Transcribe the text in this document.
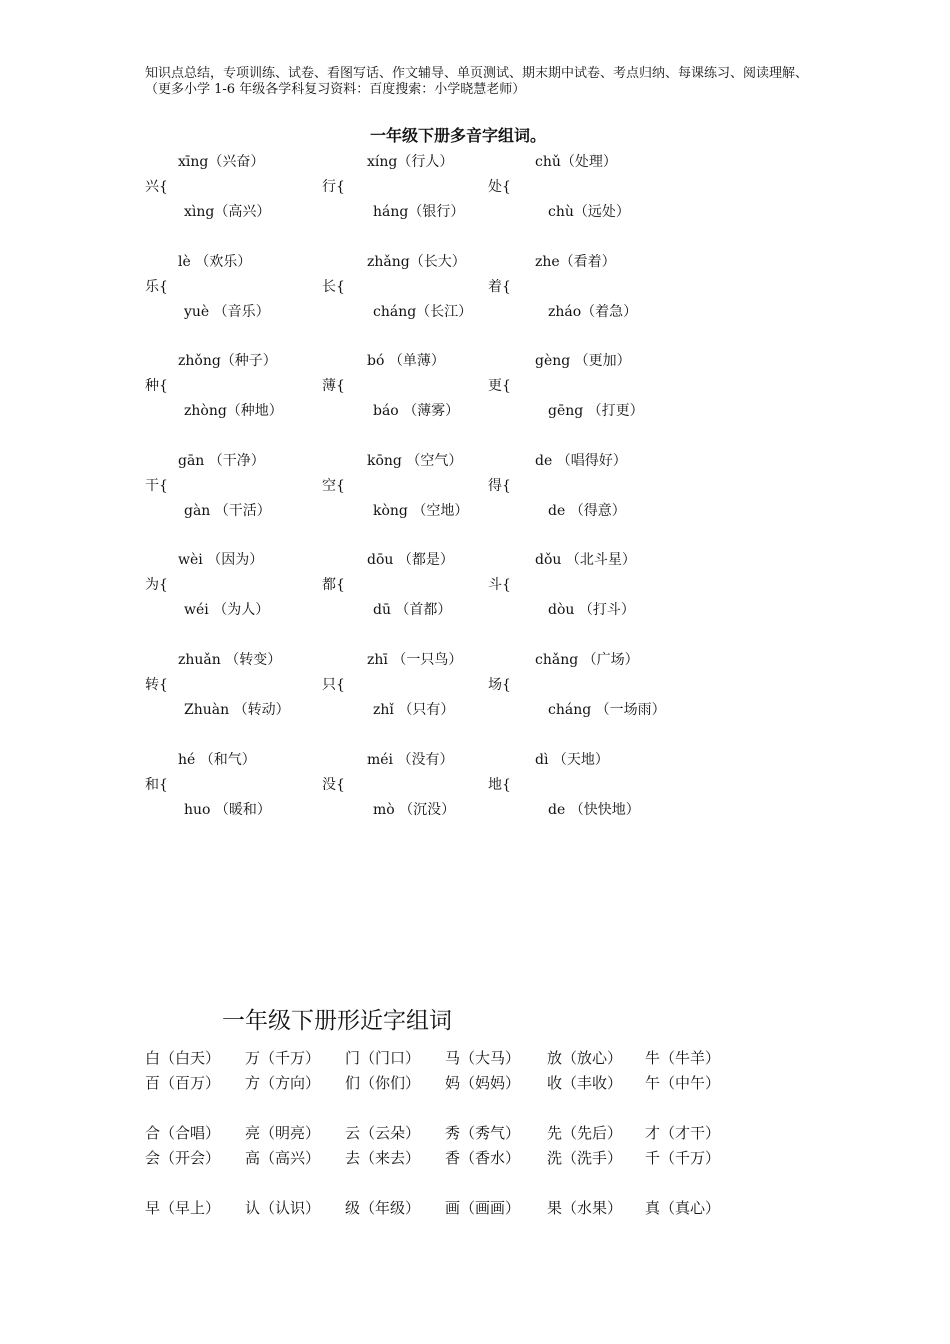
知识点总结，专项训练、试卷、看图写话、作文辅导、单页测试、期末期中试卷、考点归纳、每课练习、阅读理解、（更多小学 1-6 年级各学科复习资料：百度搜索：小学晓慧老师）
一年级下册多音字组词。
xīng（兴奋）
兴{
xìng（高兴）
xíng（行人）
行{
háng（银行）
chǔ（处理）
处{
chù（远处）
lè （欢乐）
乐{
yuè （音乐）
zhǎng（长大）
长{
cháng（长江）
zhe（看着）
着{
zháo（着急）
zhǒng（种子）
种{
zhòng（种地）
bó （单薄）
薄{
báo （薄雾）
gèng （更加）
更{
gēng （打更）
gān （干净）
干{
gàn （干活）
kōng （空气）
空{
kòng （空地）
de （唱得好）
得{
de （得意）
wèi （因为）
为{
wéi （为人）
dōu （都是）
都{
dū （首都）
dǒu （北斗星）
斗{
dòu （打斗）
zhuǎn （转变）
转{
Zhuàn （转动）
zhī （一只鸟）
只{
zhǐ （只有）
chǎng （广场）
场{
cháng （一场雨）
hé （和气）
和{
huo （暖和）
méi （没有）
没{
mò （沉没）
dì （天地）
地{
de （快快地）
一年级下册形近字组词
白（白天） 万（千万） 门（门口） 马（大马） 放（放心） 牛（牛羊）
百（百万） 方（方向） 们（你们） 妈（妈妈） 收（丰收） 午（中午）
合（合唱） 亮（明亮） 云（云朵） 秀（秀气） 先（先后） 才（才干）
会（开会） 高（高兴） 去（来去） 香（香水） 洗（洗手） 千（千万）
早（早上） 认（认识） 级（年级） 画（画画） 果（水果） 真（真心）
